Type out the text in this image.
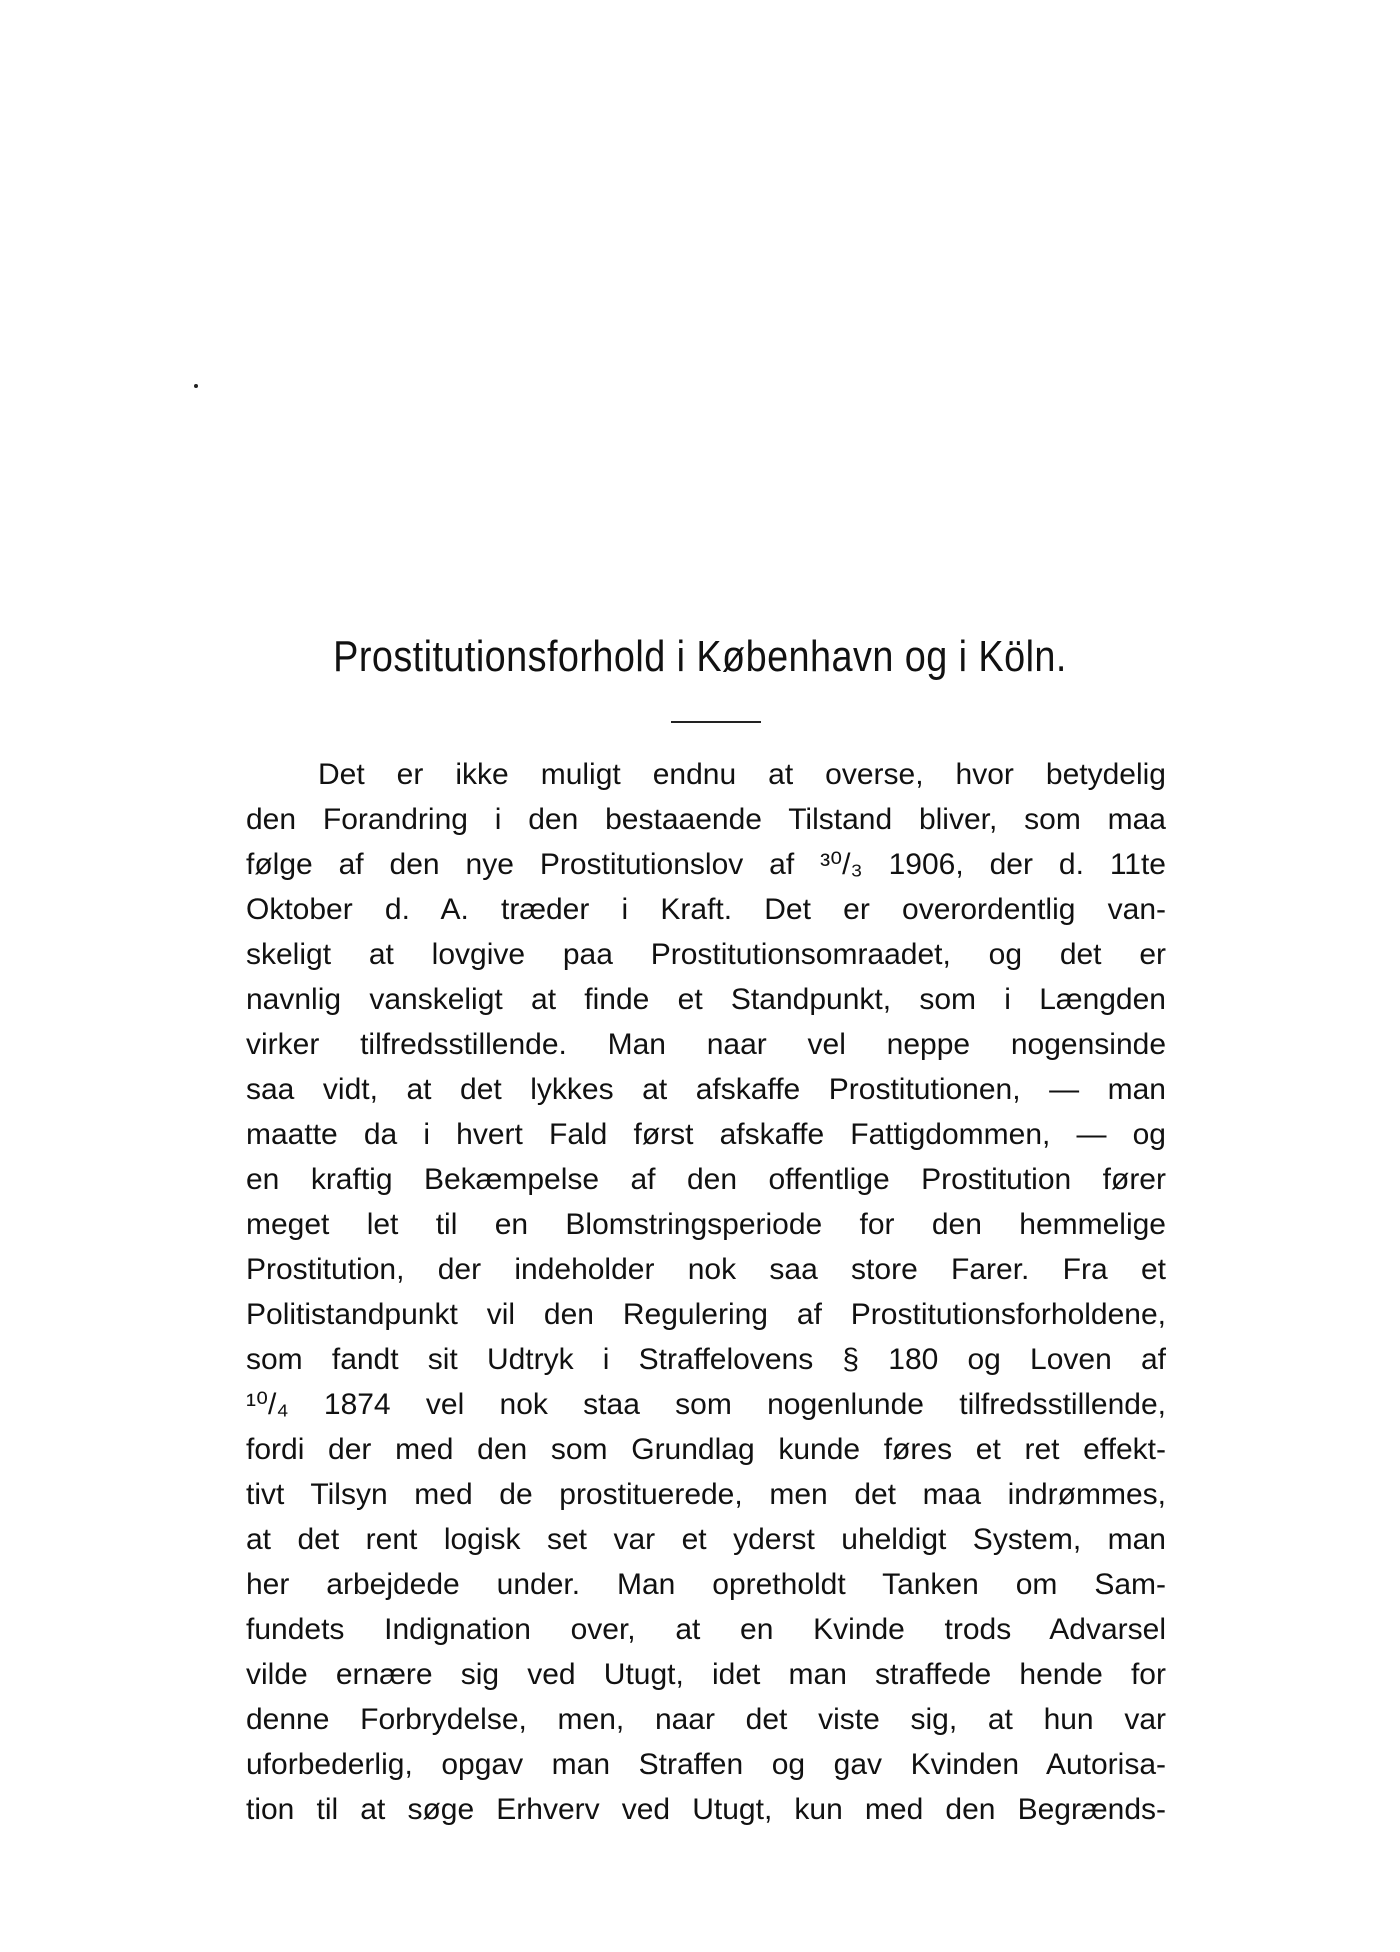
Prostitutionsforhold i København og i Köln.
Det er ikke muligt endnu at overse, hvor betydelig
den Forandring i den bestaaende Tilstand bliver, som maa
følge af den nye Prostitutionslov af ³⁰/₃ 1906, der d. 11te
Oktober d. A. træder i Kraft. Det er overordentlig van-
skeligt at lovgive paa Prostitutionsomraadet, og det er
navnlig vanskeligt at finde et Standpunkt, som i Længden
virker tilfredsstillende. Man naar vel neppe nogensinde
saa vidt, at det lykkes at afskaffe Prostitutionen, — man
maatte da i hvert Fald først afskaffe Fattigdommen, — og
en kraftig Bekæmpelse af den offentlige Prostitution fører
meget let til en Blomstringsperiode for den hemmelige
Prostitution, der indeholder nok saa store Farer. Fra et
Politistandpunkt vil den Regulering af Prostitutionsforholdene,
som fandt sit Udtryk i Straffelovens § 180 og Loven af
¹⁰/₄ 1874 vel nok staa som nogenlunde tilfredsstillende,
fordi der med den som Grundlag kunde føres et ret effekt-
tivt Tilsyn med de prostituerede, men det maa indrømmes,
at det rent logisk set var et yderst uheldigt System, man
her arbejdede under. Man opretholdt Tanken om Sam-
fundets Indignation over, at en Kvinde trods Advarsel
vilde ernære sig ved Utugt, idet man straffede hende for
denne Forbrydelse, men, naar det viste sig, at hun var
uforbederlig, opgav man Straffen og gav Kvinden Autorisa-
tion til at søge Erhverv ved Utugt, kun med den Begrænds-
